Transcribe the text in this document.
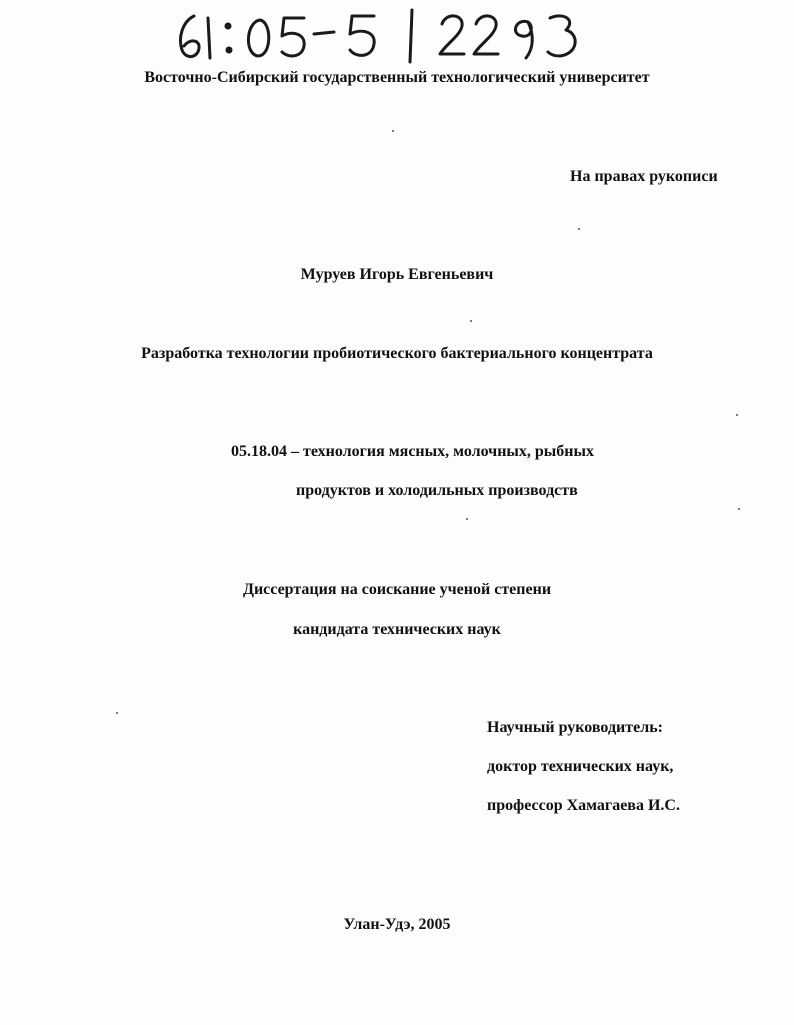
Восточно-Сибирский государственный технологический университет

На правах рукописи

Муруев Игорь Евгеньевич

Разработка технологии пробиотического бактериального концентрата

05.18.04 – технология мясных, молочных, рыбных

продуктов и холодильных производств

Диссертация на соискание ученой степени

кандидата технических наук

Научный руководитель:

доктор технических наук,

профессор Хамагаева И.С.

Улан-Удэ, 2005
